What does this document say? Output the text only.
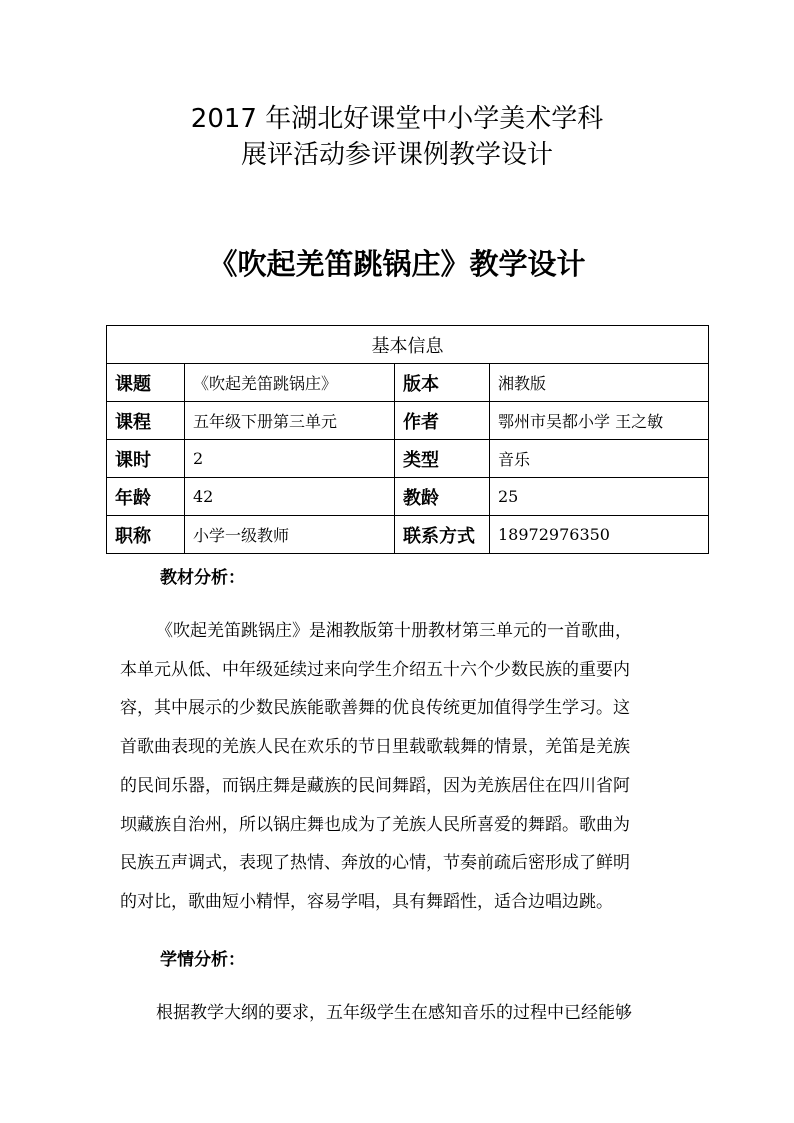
2017 年湖北好课堂中小学美术学科
展评活动参评课例教学设计
《吹起羌笛跳锅庄》教学设计
基本信息			
课题	《吹起羌笛跳锅庄》	版本	湘教版
课程	五年级下册第三单元	作者	鄂州市吴都小学 王之敏
课时	2	类型	音乐
年龄	42	教龄	25
职称	小学一级教师	联系方式	18972976350
教材分析：
《吹起羌笛跳锅庄》是湘教版第十册教材第三单元的一首歌曲，
本单元从低、中年级延续过来向学生介绍五十六个少数民族的重要内
容，其中展示的少数民族能歌善舞的优良传统更加值得学生学习。这
首歌曲表现的羌族人民在欢乐的节日里载歌载舞的情景，羌笛是羌族
的民间乐器，而锅庄舞是藏族的民间舞蹈，因为羌族居住在四川省阿
坝藏族自治州，所以锅庄舞也成为了羌族人民所喜爱的舞蹈。歌曲为
民族五声调式，表现了热情、奔放的心情，节奏前疏后密形成了鲜明
的对比，歌曲短小精悍，容易学唱，具有舞蹈性，适合边唱边跳。
学情分析：
根据教学大纲的要求，五年级学生在感知音乐的过程中已经能够
